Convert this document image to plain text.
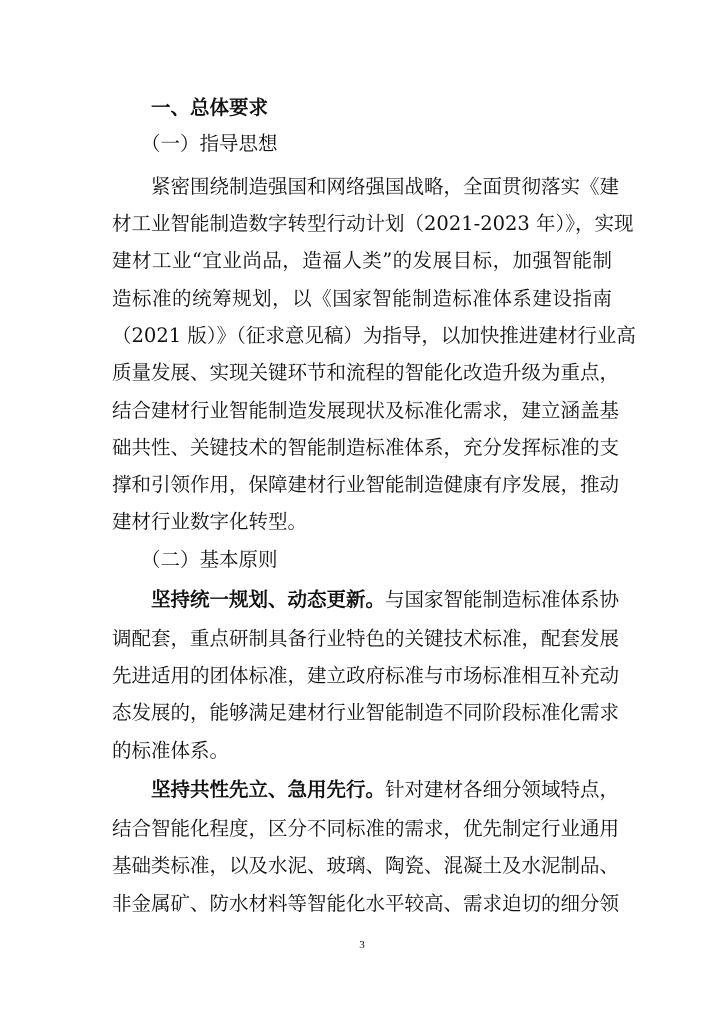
一、总体要求
（一）指导思想
紧密围绕制造强国和网络强国战略，全面贯彻落实《建
材工业智能制造数字转型行动计划（2021-2023 年）》，实现
建材工业“宜业尚品，造福人类”的发展目标，加强智能制
造标准的统筹规划，以《国家智能制造标准体系建设指南
（2021 版）》（征求意见稿）为指导，以加快推进建材行业高
质量发展、实现关键环节和流程的智能化改造升级为重点，
结合建材行业智能制造发展现状及标准化需求，建立涵盖基
础共性、关键技术的智能制造标准体系，充分发挥标准的支
撑和引领作用，保障建材行业智能制造健康有序发展，推动
建材行业数字化转型。
（二）基本原则
坚持统一规划、动态更新。与国家智能制造标准体系协
调配套，重点研制具备行业特色的关键技术标准，配套发展
先进适用的团体标准，建立政府标准与市场标准相互补充动
态发展的，能够满足建材行业智能制造不同阶段标准化需求
的标准体系。
坚持共性先立、急用先行。针对建材各细分领域特点，
结合智能化程度，区分不同标准的需求，优先制定行业通用
基础类标准，以及水泥、玻璃、陶瓷、混凝土及水泥制品、
非金属矿、防水材料等智能化水平较高、需求迫切的细分领
3
